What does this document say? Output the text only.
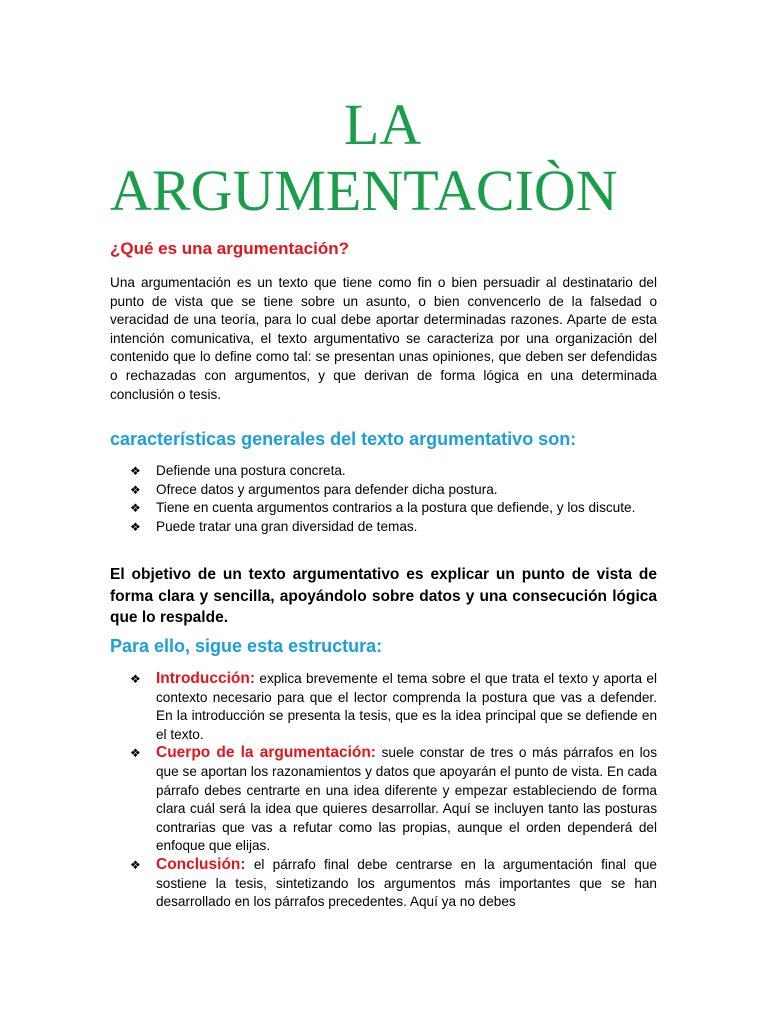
LA
ARGUMENTACIÒN
¿Qué es una argumentación?

Una argumentación es un texto que tiene como fin o bien persuadir al destinatario del punto de vista que se tiene sobre un asunto, o bien convencerlo de la falsedad o veracidad de una teoría, para lo cual debe aportar determinadas razones. Aparte de esta intención comunicativa, el texto argumentativo se caracteriza por una organización del contenido que lo define como tal: se presentan unas opiniones, que deben ser defendidas o rechazadas con argumentos, y que derivan de forma lógica en una determinada conclusión o tesis.

características generales del texto argumentativo son:
❖ Defiende una postura concreta.
❖ Ofrece datos y argumentos para defender dicha postura.
❖ Tiene en cuenta argumentos contrarios a la postura que defiende, y los discute.
❖ Puede tratar una gran diversidad de temas.

El objetivo de un texto argumentativo es explicar un punto de vista de forma clara y sencilla, apoyándolo sobre datos y una consecución lógica que lo respalde.

Para ello, sigue esta estructura:
❖ Introducción: explica brevemente el tema sobre el que trata el texto y aporta el contexto necesario para que el lector comprenda la postura que vas a defender. En la introducción se presenta la tesis, que es la idea principal que se defiende en el texto.
❖ Cuerpo de la argumentación: suele constar de tres o más párrafos en los que se aportan los razonamientos y datos que apoyarán el punto de vista. En cada párrafo debes centrarte en una idea diferente y empezar estableciendo de forma clara cuál será la idea que quieres desarrollar. Aquí se incluyen tanto las posturas contrarias que vas a refutar como las propias, aunque el orden dependerá del enfoque que elijas.
❖ Conclusión: el párrafo final debe centrarse en la argumentación final que sostiene la tesis, sintetizando los argumentos más importantes que se han desarrollado en los párrafos precedentes. Aquí ya no debes
